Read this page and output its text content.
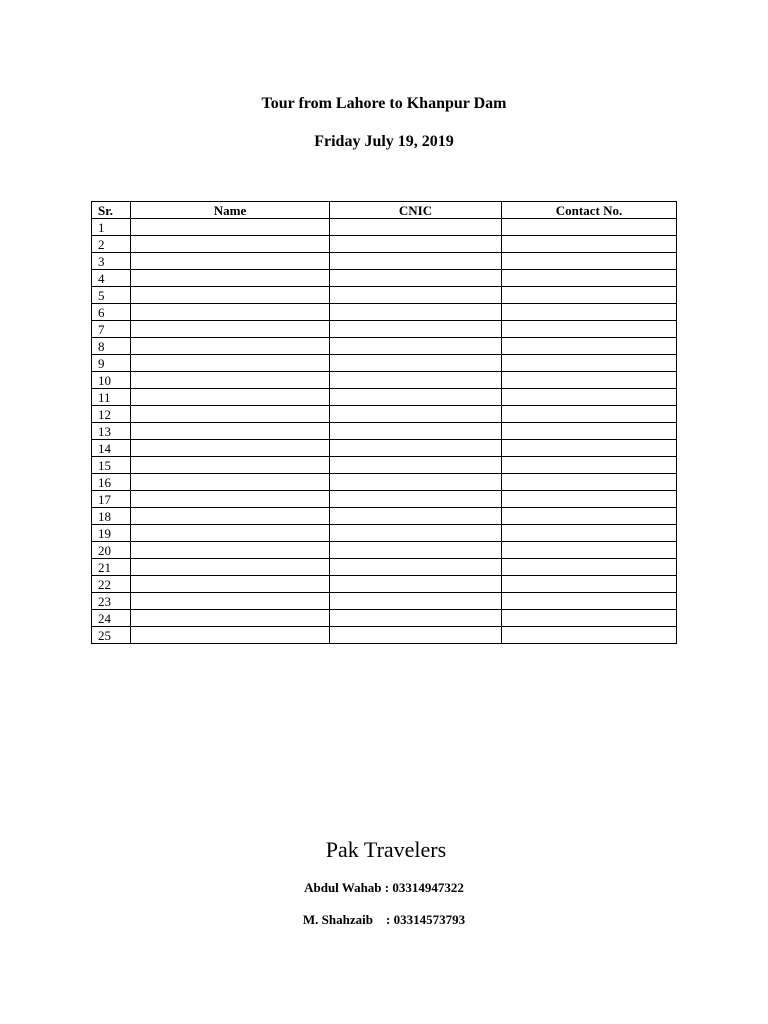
Tour from Lahore to Khanpur Dam
Friday July 19, 2019
Sr.	Name	CNIC	Contact No.
1			
2			
3			
4			
5			
6			
7			
8			
9			
10			
11			
12			
13			
14			
15			
16			
17			
18			
19			
20			
21			
22			
23			
24			
25			
Pak Travelers
Abdul Wahab : 03314947322
M. Shahzaib    : 03314573793
